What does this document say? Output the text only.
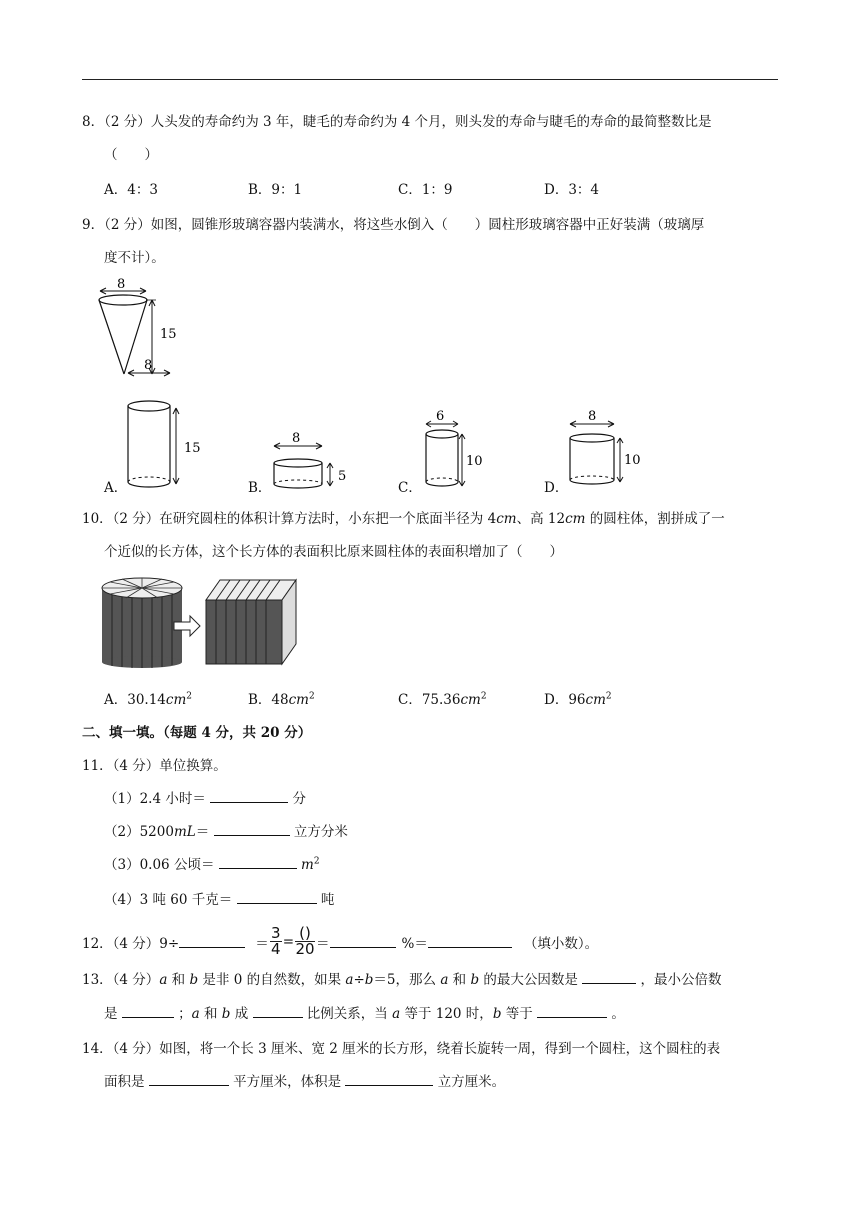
8．（2 分）人头发的寿命约为 3 年，睫毛的寿命约为 4 个月，则头发的寿命与睫毛的寿命的最简整数比是
（　　）
A．4：3	B．9：1	C．1：9	D．3：4
9．（2 分）如图，圆锥形玻璃容器内装满水，将这些水倒入（　　）圆柱形玻璃容器中正好装满（玻璃厚
度不计）。
8
15
A．
8
15
B．
8
5
C．
6
10
D．
8
10
10．（2 分）在研究圆柱的体积计算方法时，小东把一个底面半径为 4cm、高 12cm 的圆柱体，割拼成了一
个近似的长方体，这个长方体的表面积比原来圆柱体的表面积增加了（　　）
A．$30.14cm^2$	B．$48cm^2$	C．$75.36cm^2$	D．$96cm^2$
二、填一填。（每题 4 分，共 20 分）
11．（4 分）单位换算。
（1）2.4 小时＝	分
（2）5200mL＝	立方分米
（3）0.06 公顷＝	$m^2$
（4）3 吨 60 千克＝	吨
12．（4 分）9÷	＝
3
4 = ()
20 ＝	%＝	（填小数）。
13．（4 分）a 和 b 是非 0 的自然数，如果 a÷b＝5，那么 a 和 b 的最大公因数是	，最小公倍数
是	；a 和 b 成	比例关系，当 a 等于 120 时，b 等于	。
14．（4 分）如图，将一个长 3 厘米、宽 2 厘米的长方形，绕着长旋转一周，得到一个圆柱，这个圆柱的表
面积是	平方厘米，体积是	立方厘米。
